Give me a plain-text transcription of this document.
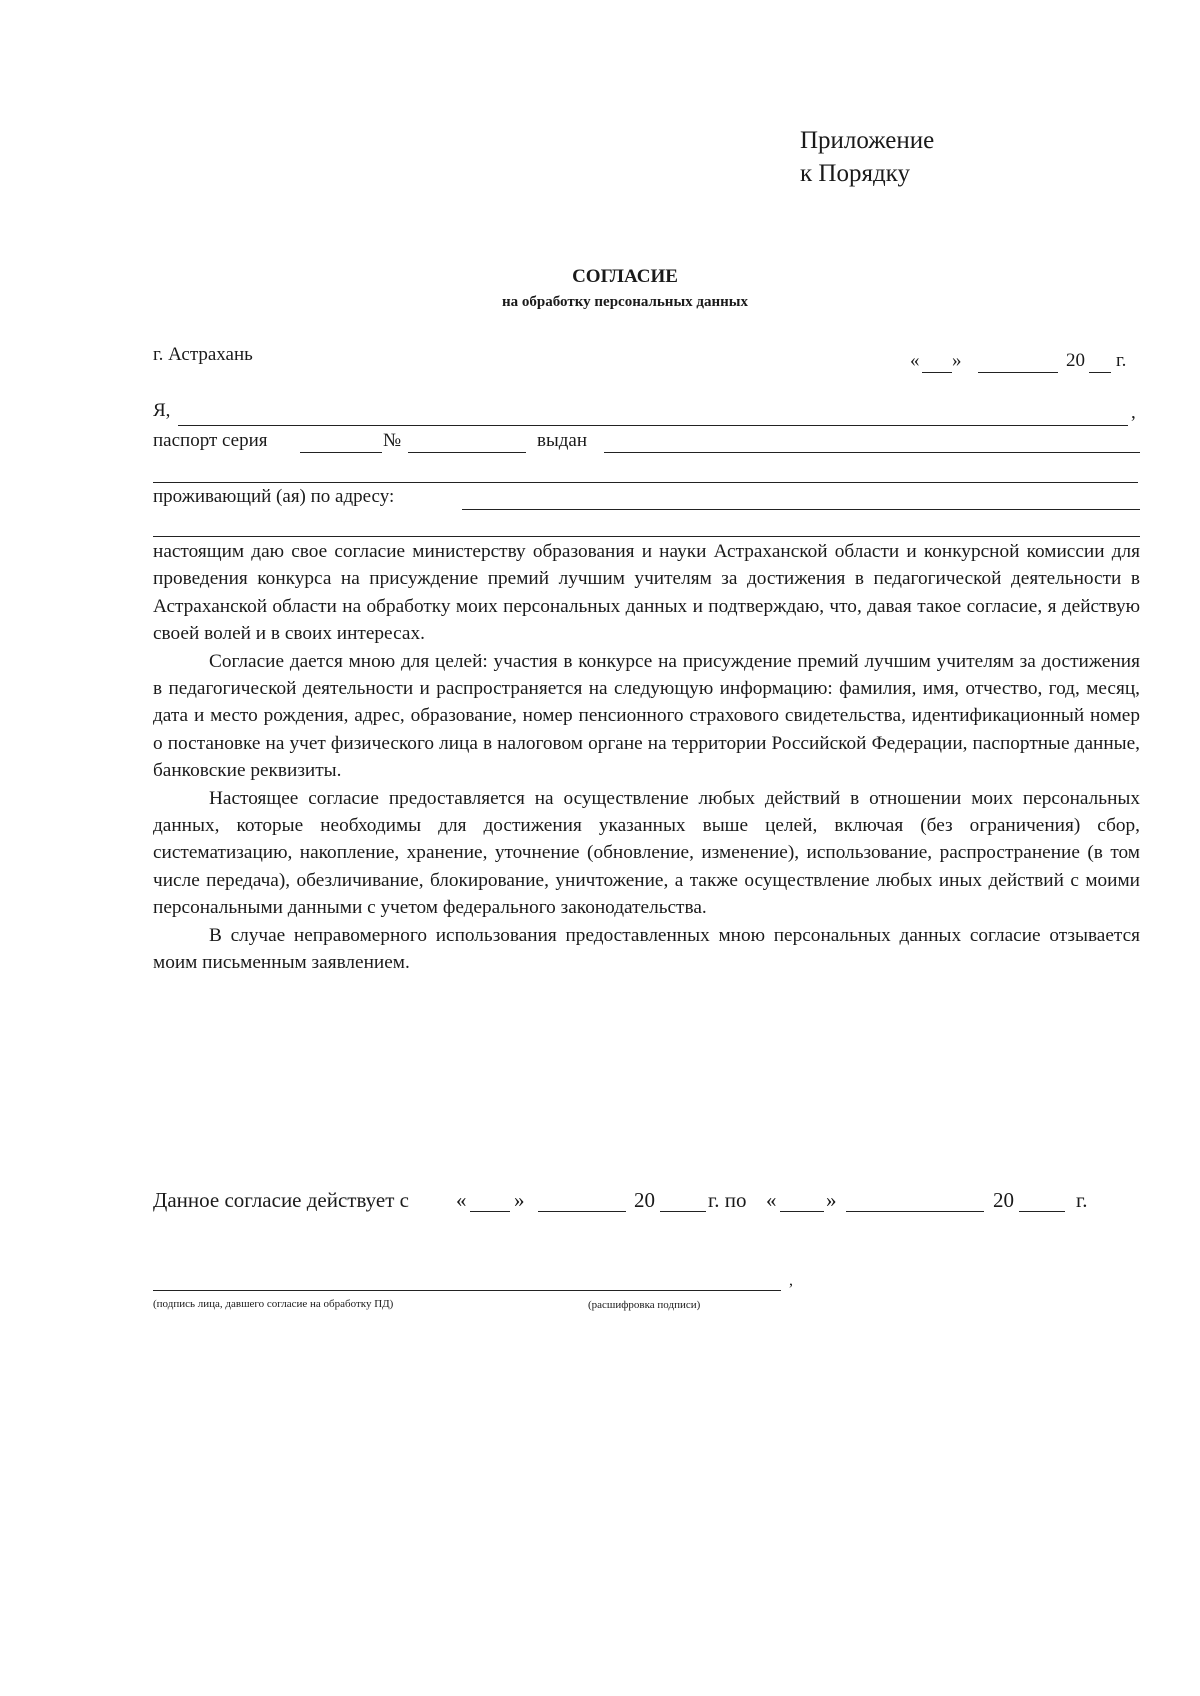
Приложение
к Порядку
СОГЛАСИЕ
на обработку персональных данных
г. Астрахань	« »	20 г.
Я,	,
паспорт серия	№	выдан
проживающий (ая) по адресу:

настоящим даю свое согласие министерству образования и науки Астраханской области и конкурсной комиссии для проведения конкурса на присуждение премий лучшим учителям за достижения в педагогической деятельности в Астраханской области на обработку моих персональных данных и подтверждаю, что, давая такое согласие, я действую своей волей и в своих интересах.

Согласие дается мною для целей: участия в конкурсе на присуждение премий лучшим учителям за достижения в педагогической деятельности и распространяется на следующую информацию: фамилия, имя, отчество, год, месяц, дата и место рождения, адрес, образование, номер пенсионного страхового свидетельства, идентификационный номер о постановке на учет физического лица в налоговом органе на территории Российской Федерации, паспортные данные, банковские реквизиты.

Настоящее согласие предоставляется на осуществление любых действий в отношении моих персональных данных, которые необходимы для достижения указанных выше целей, включая (без ограничения) сбор, систематизацию, накопление, хранение, уточнение (обновление, изменение), использование, распространение (в том числе передача), обезличивание, блокирование, уничтожение, а также осуществление любых иных действий с моими персональными данными с учетом федерального законодательства.

В случае неправомерного использования предоставленных мною персональных данных согласие отзывается моим письменным заявлением.

Данное согласие действует с « »	20	г. по « »	20	г.
,
(подпись лица, давшего согласие на обработку ПД)	(расшифровка подписи)
